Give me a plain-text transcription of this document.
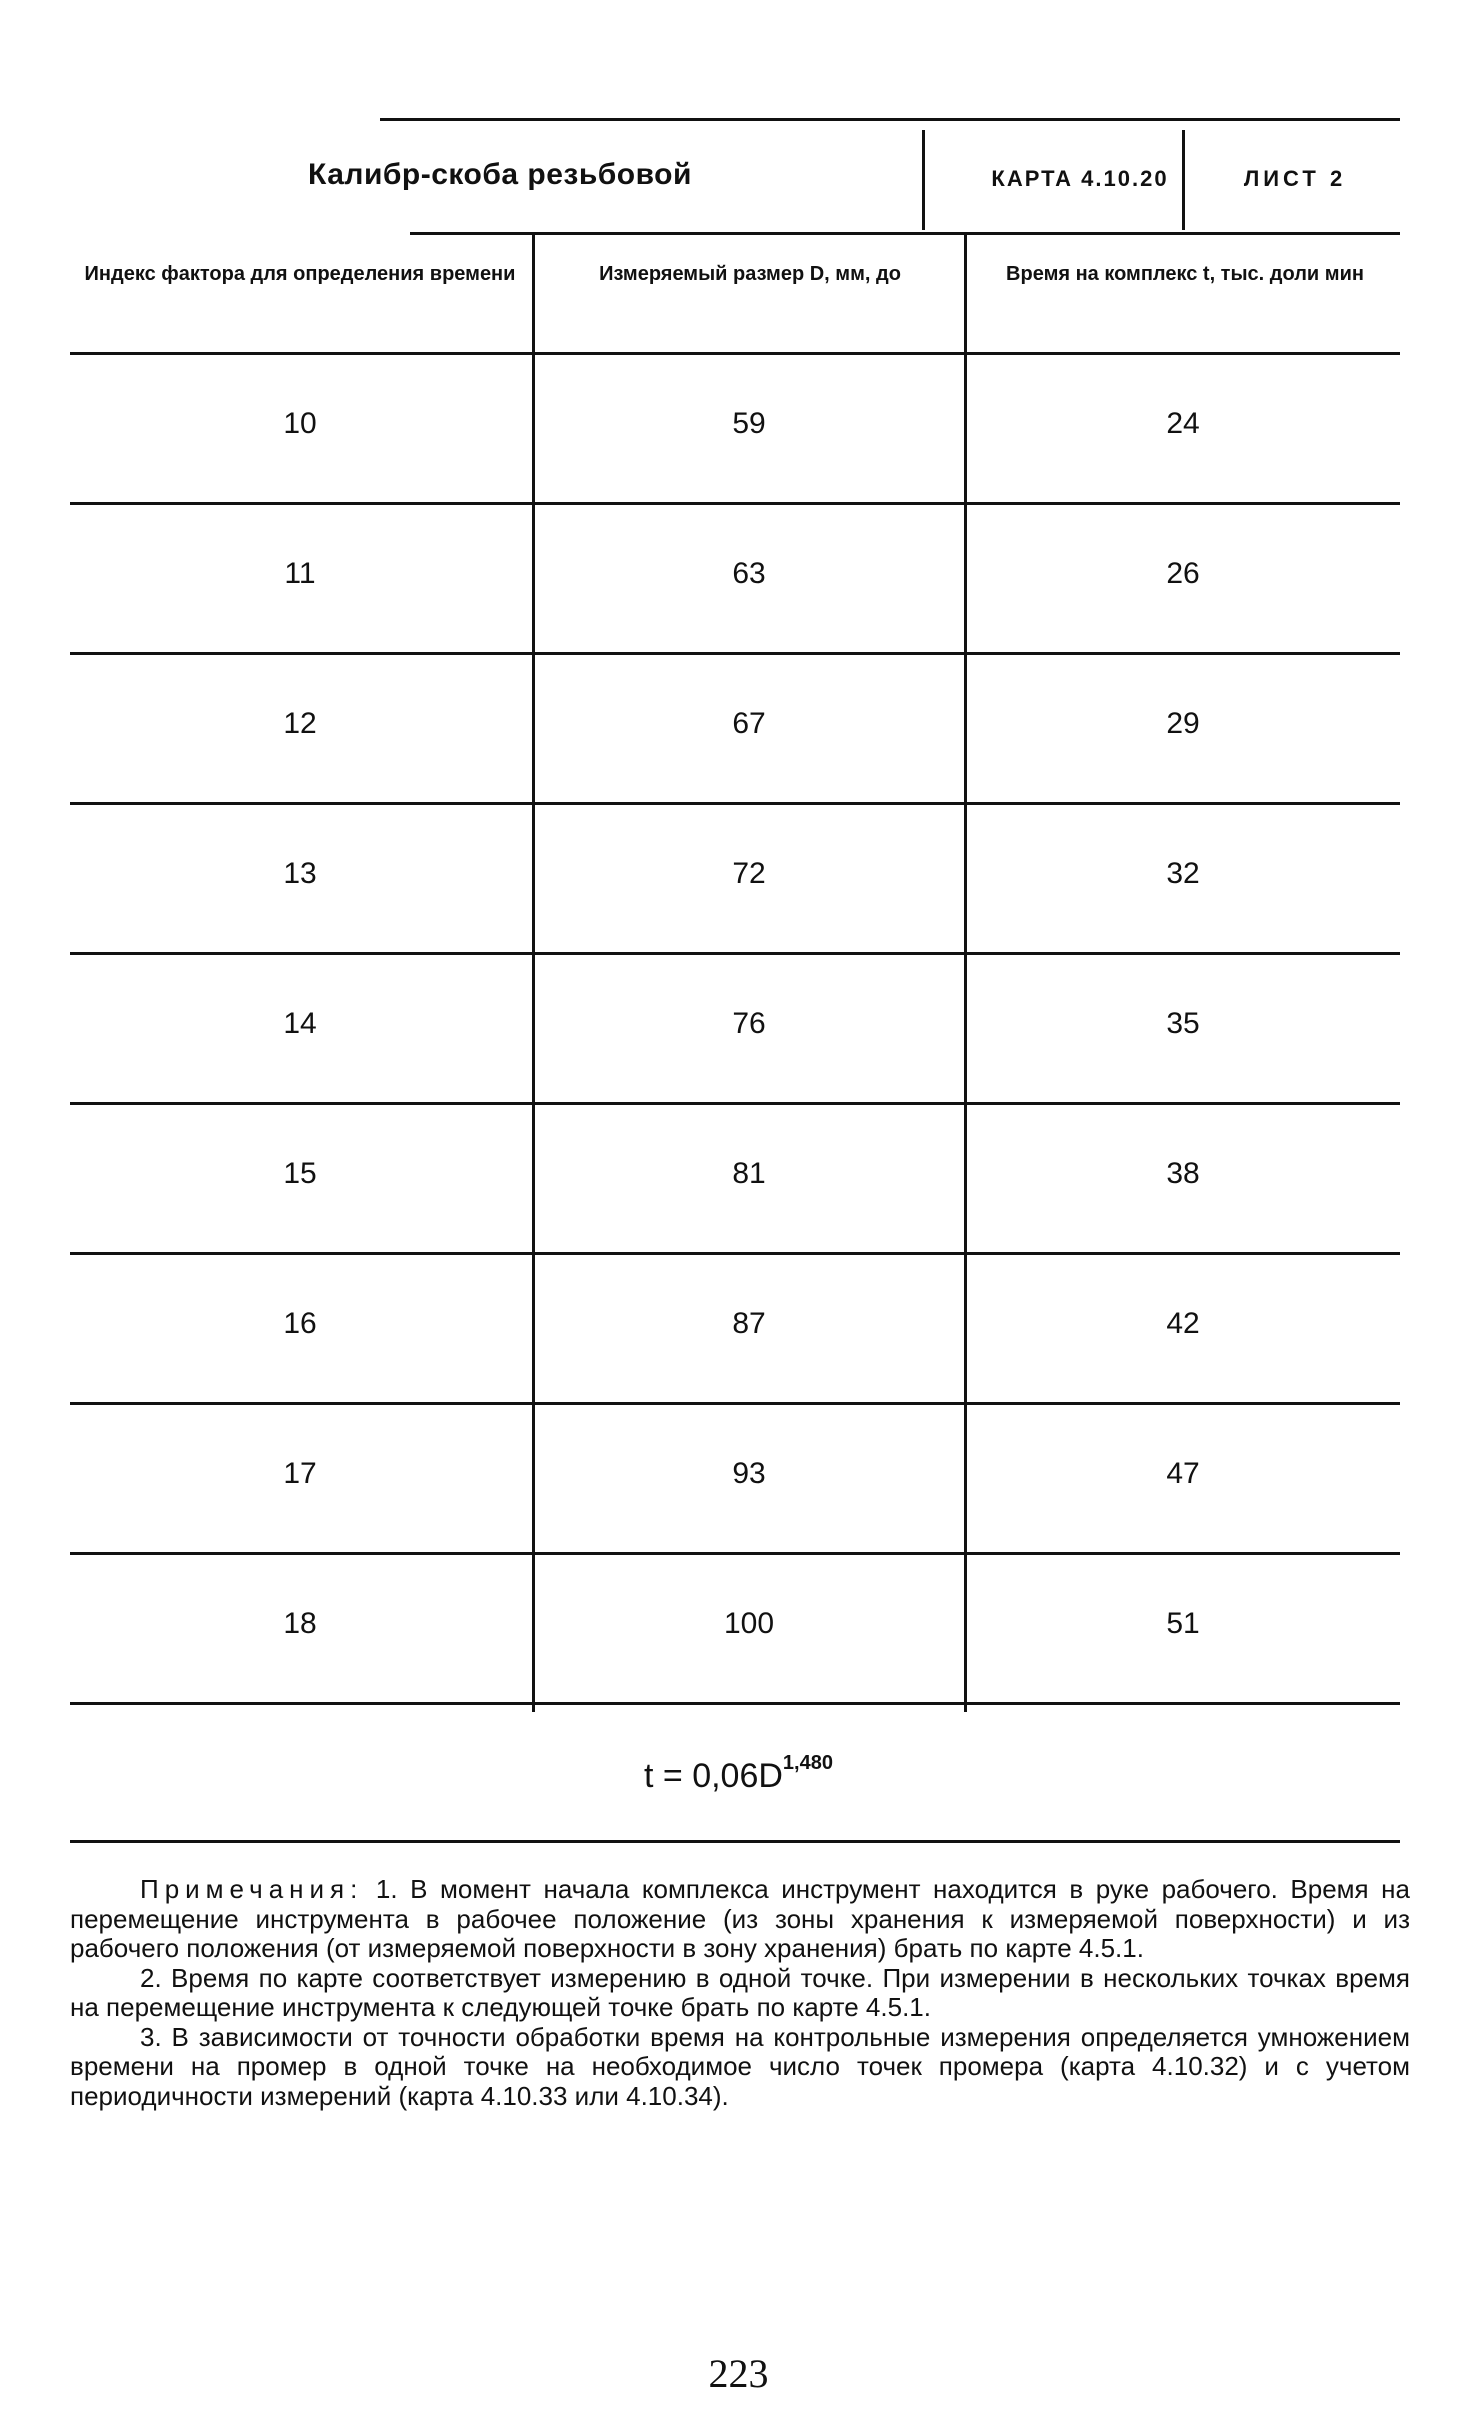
Калибр-скоба резьбовой	КАРТА 4.10.20	ЛИСТ 2
Индекс фактора для определения времени	Измеряемый размер D, мм, до	Время на комплекс t, тыс. доли мин
10	59	24
11	63	26
12	67	29
13	72	32
14	76	35
15	81	38
16	87	42
17	93	47
18	100	51
$t = 0,06D^{1,480}$

Примечания: 1. В момент начала комплекса инструмент находится в руке рабочего. Время на перемещение инструмента в рабочее положение (из зоны хранения к измеряемой поверхности) и из рабочего положения (от измеряемой поверхности в зону хранения) брать по карте 4.5.1.

2. Время по карте соответствует измерению в одной точке. При измерении в нескольких точках время на перемещение инструмента к следующей точке брать по карте 4.5.1.

3. В зависимости от точности обработки время на контрольные измерения определяется умножением времени на промер в одной точке на необходимое число точек промера (карта 4.10.32) и с учетом периодичности измерений (карта 4.10.33 или 4.10.34).

223
